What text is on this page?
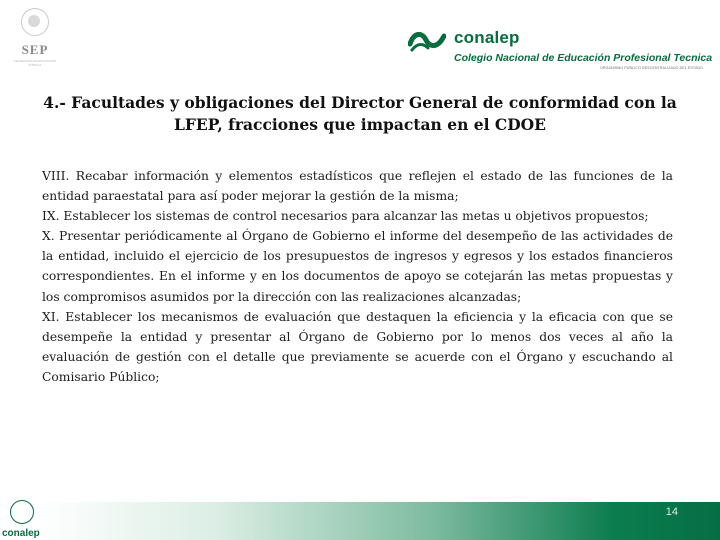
SEP
SECRETARÍA DE EDUCACIÓN PÚBLICA
conalep
Colegio Nacional de Educación Profesional Tecnica
ORGANISMO PÚBLICO DESCENTRALIZADO DEL ESTADO
4.- Facultades y obligaciones del Director General de conformidad con la LFEP, fracciones que impactan en el CDOE

VIII. Recabar información y elementos estadísticos que reflejen el estado de las funciones de la entidad paraestatal para así poder mejorar la gestión de la misma;

IX. Establecer los sistemas de control necesarios para alcanzar las metas u objetivos propuestos;

X. Presentar periódicamente al Órgano de Gobierno el informe del desempeño de las actividades de la entidad, incluido el ejercicio de los presupuestos de ingresos y egresos y los estados financieros correspondientes. En el informe y en los documentos de apoyo se cotejarán las metas propuestas y los compromisos asumidos por la dirección con las realizaciones alcanzadas;

XI. Establecer los mecanismos de evaluación que destaquen la eficiencia y la eficacia con que se desempeñe la entidad y presentar al Órgano de Gobierno por lo menos dos veces al año la evaluación de gestión con el detalle que previamente se acuerde con el Órgano y escuchando al Comisario Público;

14
conalep
